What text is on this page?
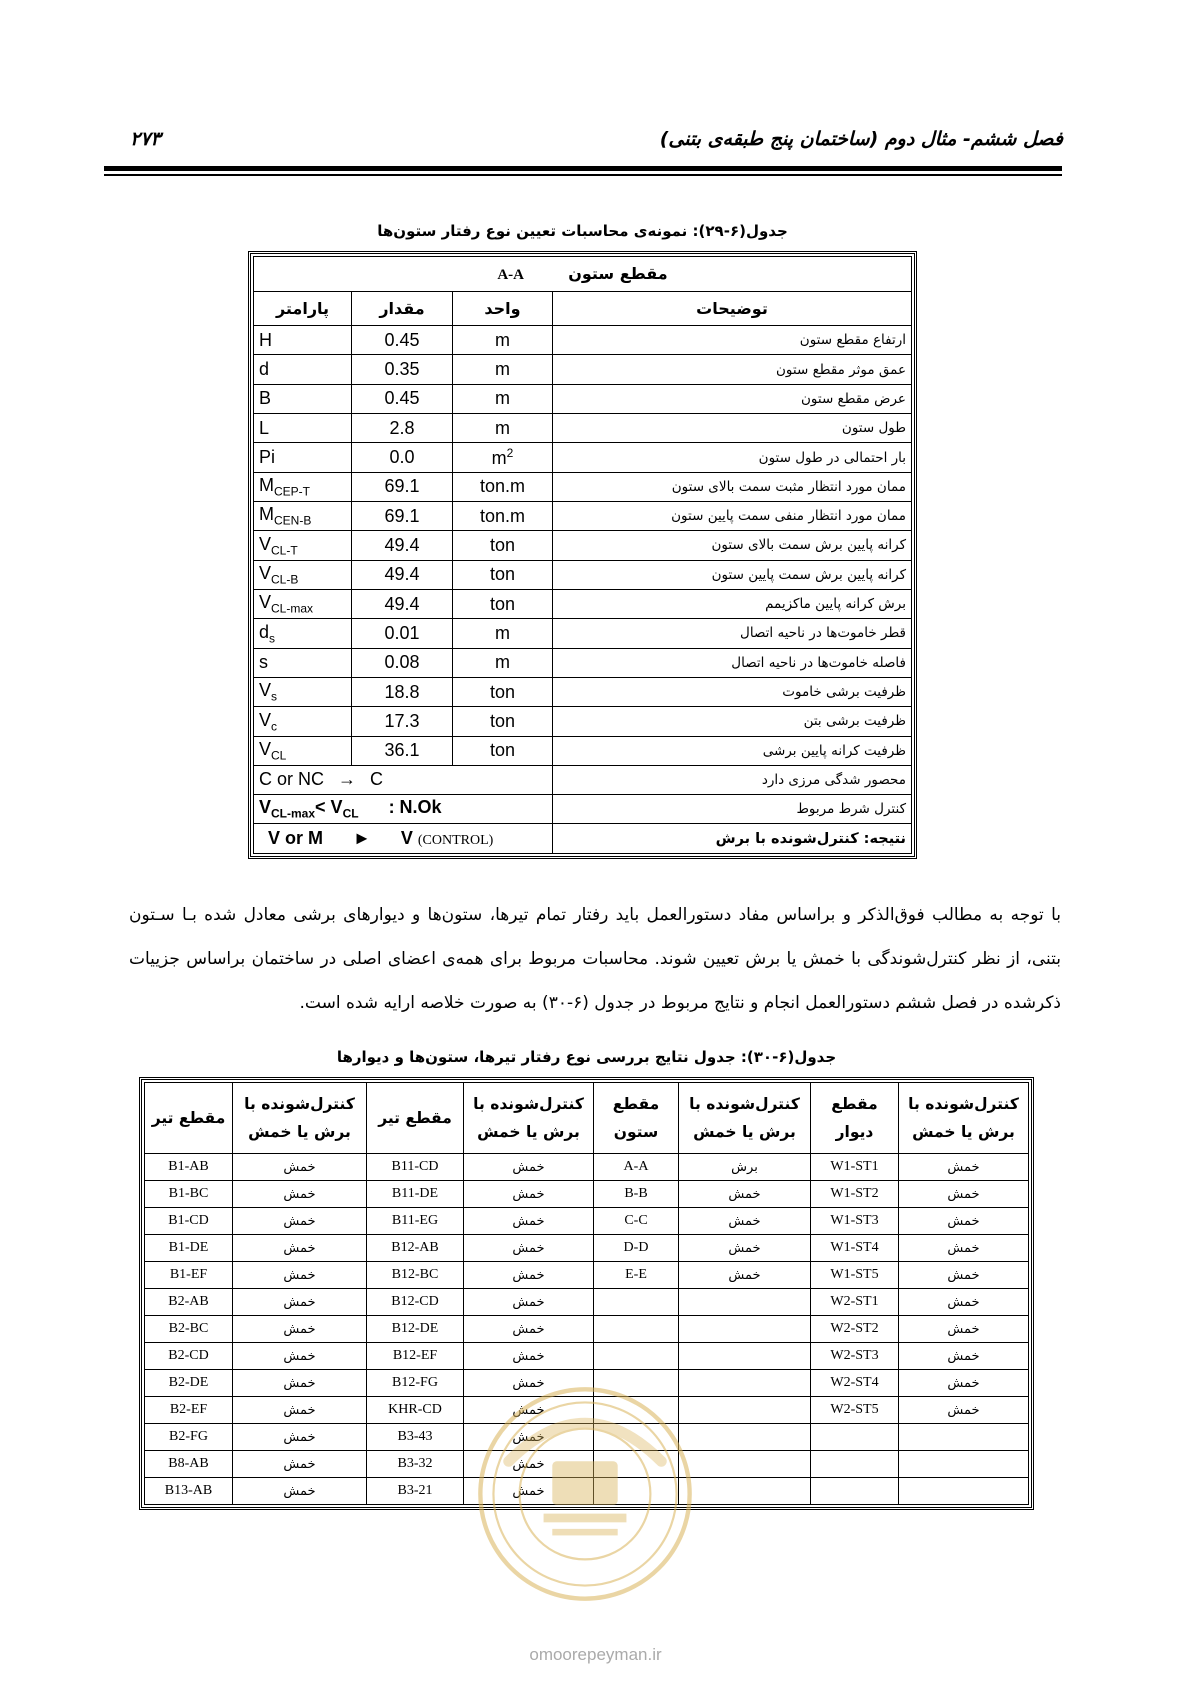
فصل ششم- مثال دوم (ساختمان پنج طبقه‌ی بتنی)
۲۷۳
جدول(۶-۲۹): نمونه‌ی محاسبات تعیین نوع رفتار ستون‌ها
A-A مقطع ستون			
پارامتر	مقدار	واحد	توضیحات
H	0.45	m	ارتفاع مقطع ستون
d	0.35	m	عمق موثر مقطع ستون
B	0.45	m	عرض مقطع ستون
L	2.8	m	طول ستون
Pi	0.0	$m^2$	بار احتمالی در طول ستون
$M_{CEP-T}$	69.1	ton.m	ممان مورد انتظار مثبت سمت بالای ستون
$M_{CEN-B}$	69.1	ton.m	ممان مورد انتظار منفی سمت پایین ستون
$V_{CL-T}$	49.4	ton	کرانه پایین برش سمت بالای ستون
$V_{CL-B}$	49.4	ton	کرانه پایین برش سمت پایین ستون
$V_{CL-max}$	49.4	ton	برش کرانه پایین ماکزیمم
$d_s$	0.01	m	قطر خاموت‌ها در ناحیه اتصال
s	0.08	m	فاصله خاموت‌ها در ناحیه اتصال
$V_s$	18.8	ton	ظرفیت برشی خاموت
$V_c$	17.3	ton	ظرفیت برشی بتن
$V_{CL}$	36.1	ton	ظرفیت کرانه پایین برشی
C or NC → C			محصور شدگی مرزی دارد
$V_{CL-max}< V_{CL}$ : N.Ok			کنترل شرط مربوط
V or M ► V (CONTROL)			نتیجه: کنترل‌شونده با برش
با توجه به مطالب فوق‌الذکر و براساس مفاد دستورالعمل باید رفتار تمام تیرها، ستون‌ها و دیوارهای برشی معادل شده بـا سـتون بتنی، از نظر کنترل‌شوندگی با خمش یا برش تعیین شوند. محاسبات مربوط برای همه‌ی اعضای اصلی در ساختمان براساس جزییات ذکرشده در فصل ششم دستورالعمل انجام و نتایج مربوط در جدول (۶-۳۰) به صورت خلاصه ارایه شده است.
جدول(۶-۳۰): جدول نتایج بررسی نوع رفتار تیرها، ستون‌ها و دیوارها
کنترل‌شونده با برش یا خمش	مقطع دیوار	کنترل‌شونده با برش یا خمش	مقطع ستون	کنترل‌شونده با برش یا خمش	مقطع تیر	کنترل‌شونده با برش یا خمش	مقطع تیر
خمش	W1-ST1	برش	A-A	خمش	B11-CD	خمش	B1-AB
خمش	W1-ST2	خمش	B-B	خمش	B11-DE	خمش	B1-BC
خمش	W1-ST3	خمش	C-C	خمش	B11-EG	خمش	B1-CD
خمش	W1-ST4	خمش	D-D	خمش	B12-AB	خمش	B1-DE
خمش	W1-ST5	خمش	E-E	خمش	B12-BC	خمش	B1-EF
خمش	W2-ST1			خمش	B12-CD	خمش	B2-AB
خمش	W2-ST2			خمش	B12-DE	خمش	B2-BC
خمش	W2-ST3			خمش	B12-EF	خمش	B2-CD
خمش	W2-ST4			خمش	B12-FG	خمش	B2-DE
خمش	W2-ST5			خمش	KHR-CD	خمش	B2-EF
				خمش	B3-43	خمش	B2-FG
				خمش	B3-32	خمش	B8-AB
				خمش	B3-21	خمش	B13-AB
omoorepeyman.ir
